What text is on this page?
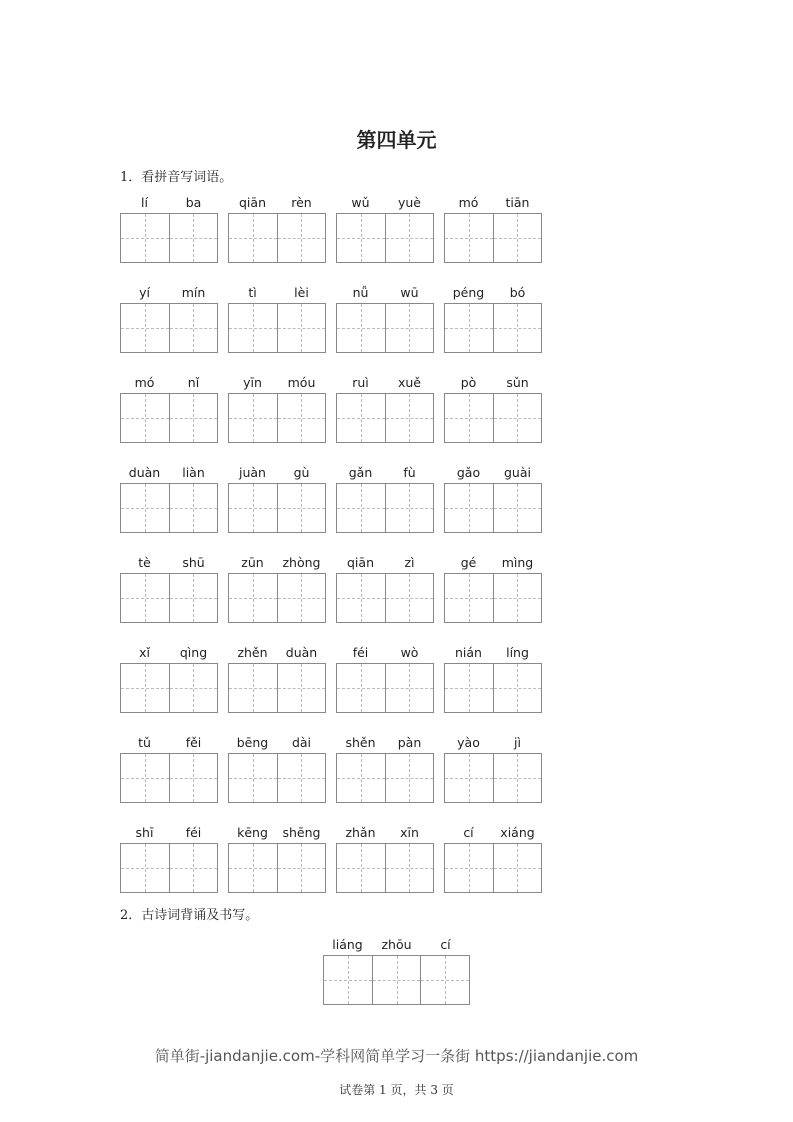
第四单元
1．看拼音写词语。
lí	ba	qiān	rèn	wǔ	yuè	mó	tiān
yí	mín	tì	lèi	nǚ	wū	péng	bó
mó	nǐ	yīn	móu	ruì	xuě	pò	sǔn
duàn	liàn	juàn	gù	gǎn	fù	gǎo	guài
tè	shū	zūn	zhòng	qiān	zì	gé	mìng
xǐ	qìng	zhěn	duàn	féi	wò	nián	líng
tǔ	fěi	bēng	dài	shěn	pàn	yào	jì
shī	féi	kēng	shēng	zhǎn	xīn	cí	xiáng
2．古诗词背诵及书写。
liáng	zhōu	cí
简单街-jiandanjie.com-学科网简单学习一条街 https://jiandanjie.com
试卷第 1 页，共 3 页
